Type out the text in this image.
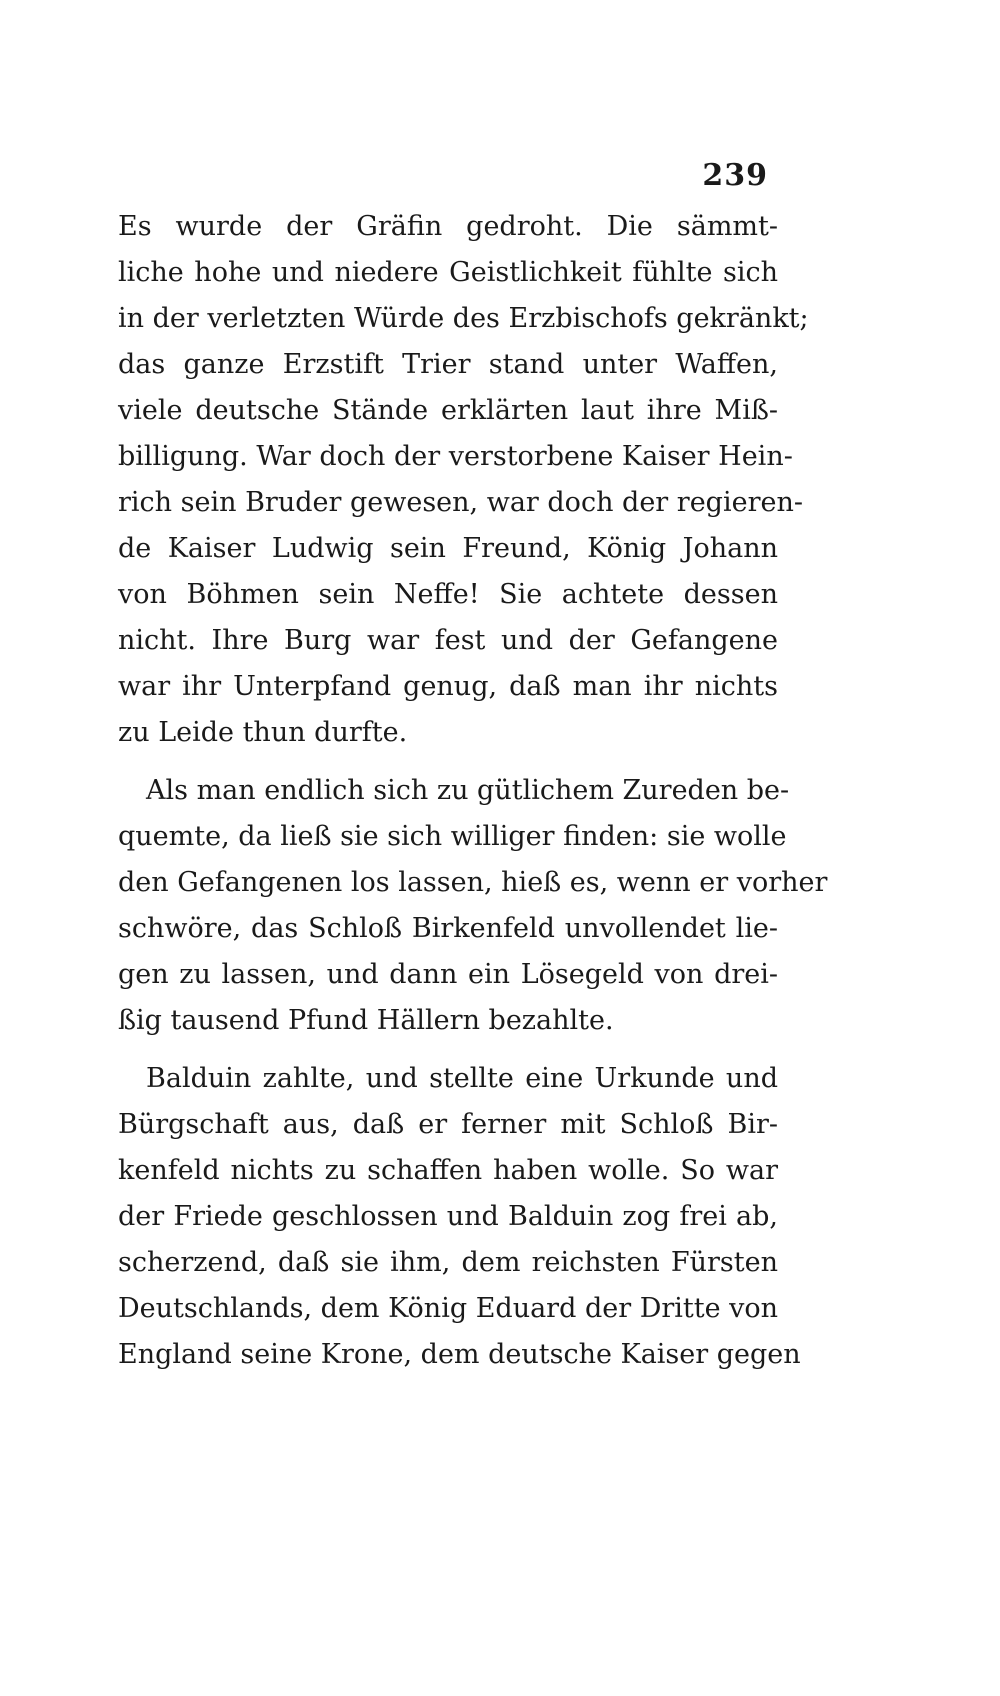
239
Es wurde der Gräfin gedroht. Die sämmt-
liche hohe und niedere Geistlichkeit fühlte sich
in der verletzten Würde des Erzbischofs gekränkt;
das ganze Erzstift Trier stand unter Waffen,
viele deutsche Stände erklärten laut ihre Miß-
billigung. War doch der verstorbene Kaiser Hein-
rich sein Bruder gewesen, war doch der regieren-
de Kaiser Ludwig sein Freund, König Johann
von Böhmen sein Neffe! Sie achtete dessen
nicht. Ihre Burg war fest und der Gefangene
war ihr Unterpfand genug, daß man ihr nichts
zu Leide thun durfte.
Als man endlich sich zu gütlichem Zureden be-
quemte, da ließ sie sich williger finden: sie wolle
den Gefangenen los lassen, hieß es, wenn er vorher
schwöre, das Schloß Birkenfeld unvollendet lie-
gen zu lassen, und dann ein Lösegeld von drei-
ßig tausend Pfund Hällern bezahlte.
Balduin zahlte, und stellte eine Urkunde und
Bürgschaft aus, daß er ferner mit Schloß Bir-
kenfeld nichts zu schaffen haben wolle. So war
der Friede geschlossen und Balduin zog frei ab,
scherzend, daß sie ihm, dem reichsten Fürsten
Deutschlands, dem König Eduard der Dritte von
England seine Krone, dem deutsche Kaiser gegen
